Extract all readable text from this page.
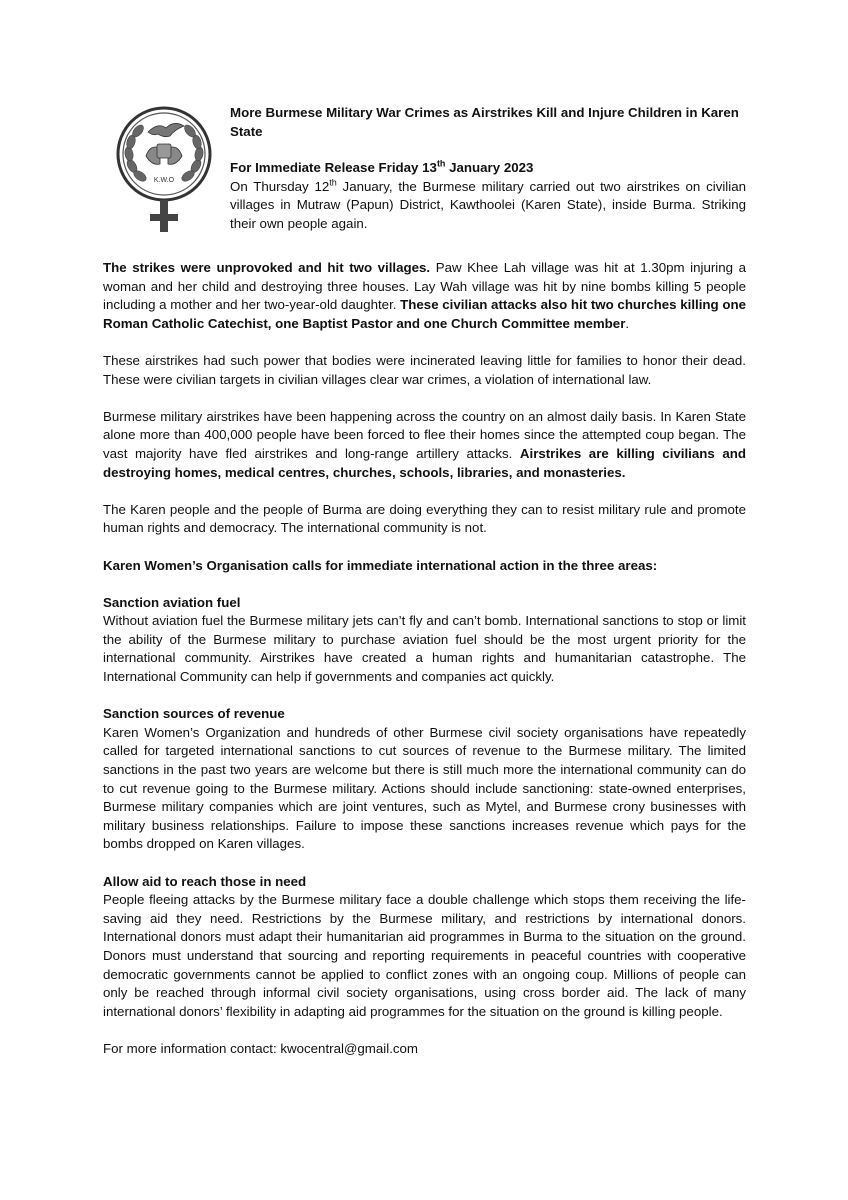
K.W.O

More Burmese Military War Crimes as Airstrikes Kill and Injure Children in Karen State

For Immediate Release Friday 13th January 2023

On Thursday 12th January, the Burmese military carried out two airstrikes on civilian villages in Mutraw (Papun) District, Kawthoolei (Karen State), inside Burma. Striking their own people again.

The strikes were unprovoked and hit two villages. Paw Khee Lah village was hit at 1.30pm injuring a woman and her child and destroying three houses. Lay Wah village was hit by nine bombs killing 5 people including a mother and her two-year-old daughter. These civilian attacks also hit two churches killing one Roman Catholic Catechist, one Baptist Pastor and one Church Committee member.

These airstrikes had such power that bodies were incinerated leaving little for families to honor their dead. These were civilian targets in civilian villages clear war crimes, a violation of international law.

Burmese military airstrikes have been happening across the country on an almost daily basis. In Karen State alone more than 400,000 people have been forced to flee their homes since the attempted coup began. The vast majority have fled airstrikes and long-range artillery attacks. Airstrikes are killing civilians and destroying homes, medical centres, churches, schools, libraries, and monasteries.

The Karen people and the people of Burma are doing everything they can to resist military rule and promote human rights and democracy. The international community is not.

Karen Women’s Organisation calls for immediate international action in the three areas:

Sanction aviation fuel

Without aviation fuel the Burmese military jets can’t fly and can’t bomb. International sanctions to stop or limit the ability of the Burmese military to purchase aviation fuel should be the most urgent priority for the international community. Airstrikes have created a human rights and humanitarian catastrophe. The International Community can help if governments and companies act quickly.

Sanction sources of revenue

Karen Women’s Organization and hundreds of other Burmese civil society organisations have repeatedly called for targeted international sanctions to cut sources of revenue to the Burmese military. The limited sanctions in the past two years are welcome but there is still much more the international community can do to cut revenue going to the Burmese military. Actions should include sanctioning: state-owned enterprises, Burmese military companies which are joint ventures, such as Mytel, and Burmese crony businesses with military business relationships. Failure to impose these sanctions increases revenue which pays for the bombs dropped on Karen villages.

Allow aid to reach those in need

People fleeing attacks by the Burmese military face a double challenge which stops them receiving the life-saving aid they need. Restrictions by the Burmese military, and restrictions by international donors. International donors must adapt their humanitarian aid programmes in Burma to the situation on the ground. Donors must understand that sourcing and reporting requirements in peaceful countries with cooperative democratic governments cannot be applied to conflict zones with an ongoing coup. Millions of people can only be reached through informal civil society organisations, using cross border aid. The lack of many international donors’ flexibility in adapting aid programmes for the situation on the ground is killing people.

For more information contact: kwocentral@gmail.com
